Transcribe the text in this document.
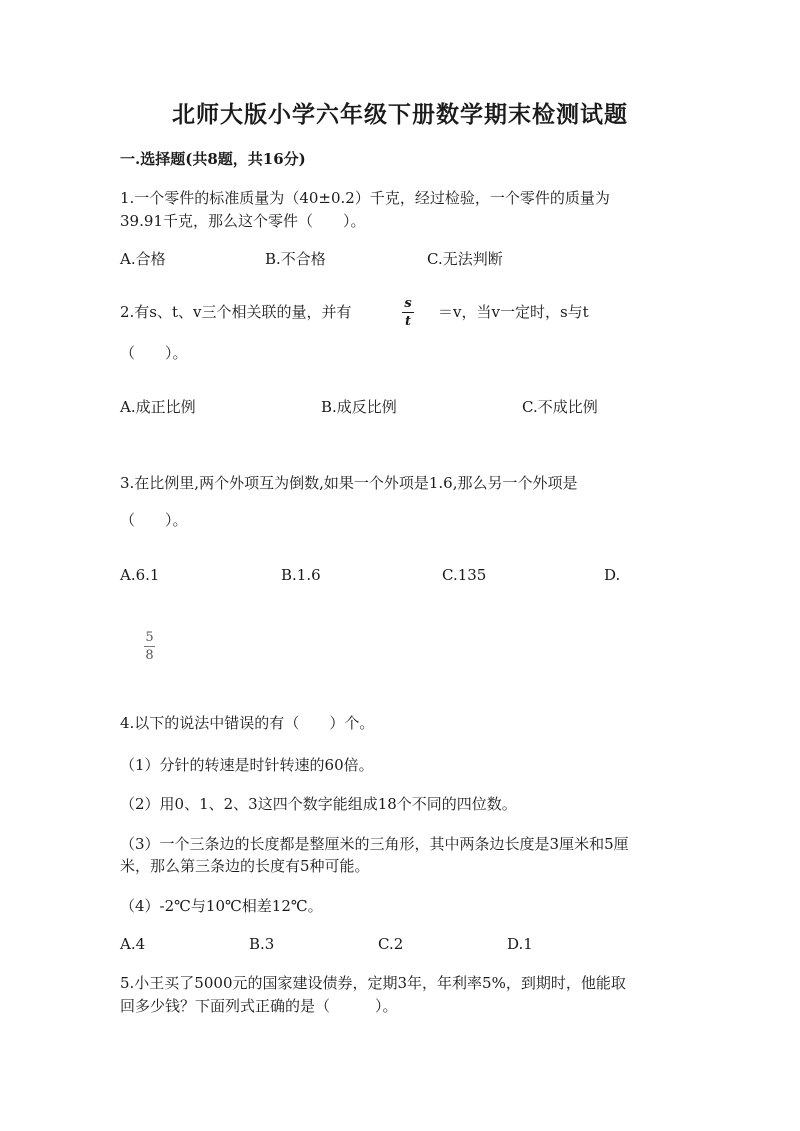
北师大版小学六年级下册数学期末检测试题
一.选择题(共8题，共16分)
1.一个零件的标准质量为（40±0.2）千克，经过检验，一个零件的质量为
39.91千克，那么这个零件（　　）。
A.合格	B.不合格	C.无法判断
2.有s、t、v三个相关联的量，并有	s
t
＝v，当v一定时，s与t
（　　）。
A.成正比例	B.成反比例	C.不成比例
3.在比例里,两个外项互为倒数,如果一个外项是1.6,那么另一个外项是
（　　）。
A.6.1	B.1.6	C.135	D.
5
8
4.以下的说法中错误的有（　　）个。
（1）分针的转速是时针转速的60倍。
（2）用0、1、2、3这四个数字能组成18个不同的四位数。
（3）一个三条边的长度都是整厘米的三角形，其中两条边长度是3厘米和5厘
米，那么第三条边的长度有5种可能。
（4）-2℃与10℃相差12℃。
A.4	B.3	C.2	D.1
5.小王买了5000元的国家建设债券，定期3年，年利率5%，到期时，他能取
回多少钱？下面列式正确的是（　　　）。
